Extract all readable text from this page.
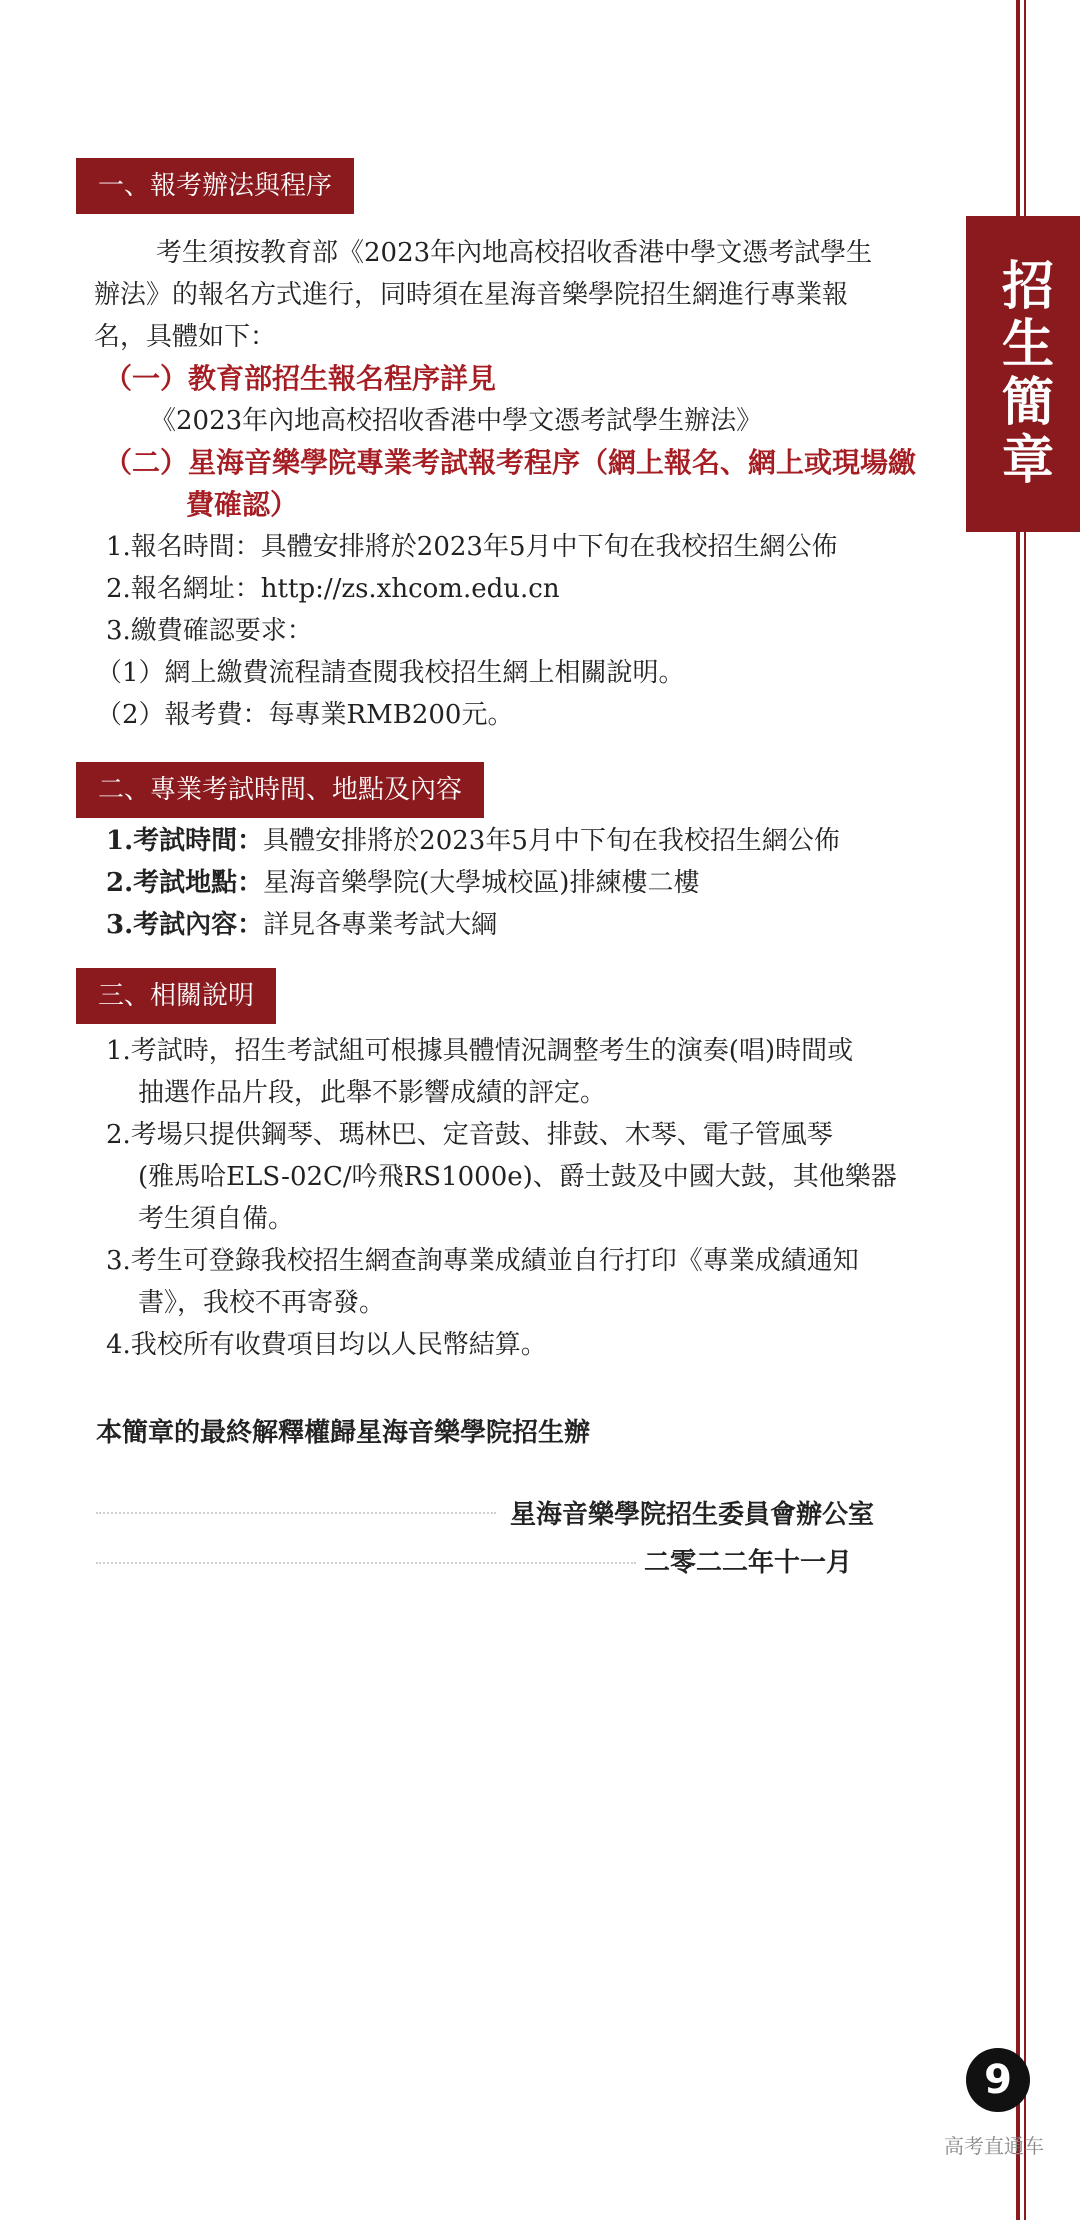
招生簡章
一、報考辦法與程序
考生須按教育部《2023年內地高校招收香港中學文憑考試學生
辦法》的報名方式進行，同時須在星海音樂學院招生網進行專業報
名，具體如下：
（一）教育部招生報名程序詳見
《2023年內地高校招收香港中學文憑考試學生辦法》
（二）星海音樂學院專業考試報考程序（網上報名、網上或現場繳
費確認）
1.報名時間：具體安排將於2023年5月中下旬在我校招生網公佈
2.報名網址：http://zs.xhcom.edu.cn
3.繳費確認要求：
（1）網上繳費流程請查閱我校招生網上相關說明。
（2）報考費：每專業RMB200元。
二、專業考試時間、地點及內容
1.考試時間：具體安排將於2023年5月中下旬在我校招生網公佈
2.考試地點：星海音樂學院(大學城校區)排練樓二樓
3.考試內容：詳見各專業考試大綱
三、相關說明
1.考試時，招生考試組可根據具體情況調整考生的演奏(唱)時間或
抽選作品片段，此舉不影響成績的評定。
2.考場只提供鋼琴、瑪林巴、定音鼓、排鼓、木琴、電子管風琴
(雅馬哈ELS-02C/吟飛RS1000e)、爵士鼓及中國大鼓，其他樂器
考生須自備。
3.考生可登錄我校招生網查詢專業成績並自行打印《專業成績通知
書》，我校不再寄發。
4.我校所有收費項目均以人民幣結算。
本簡章的最終解釋權歸星海音樂學院招生辦
星海音樂學院招生委員會辦公室
二零二二年十一月
9
高考直通车
